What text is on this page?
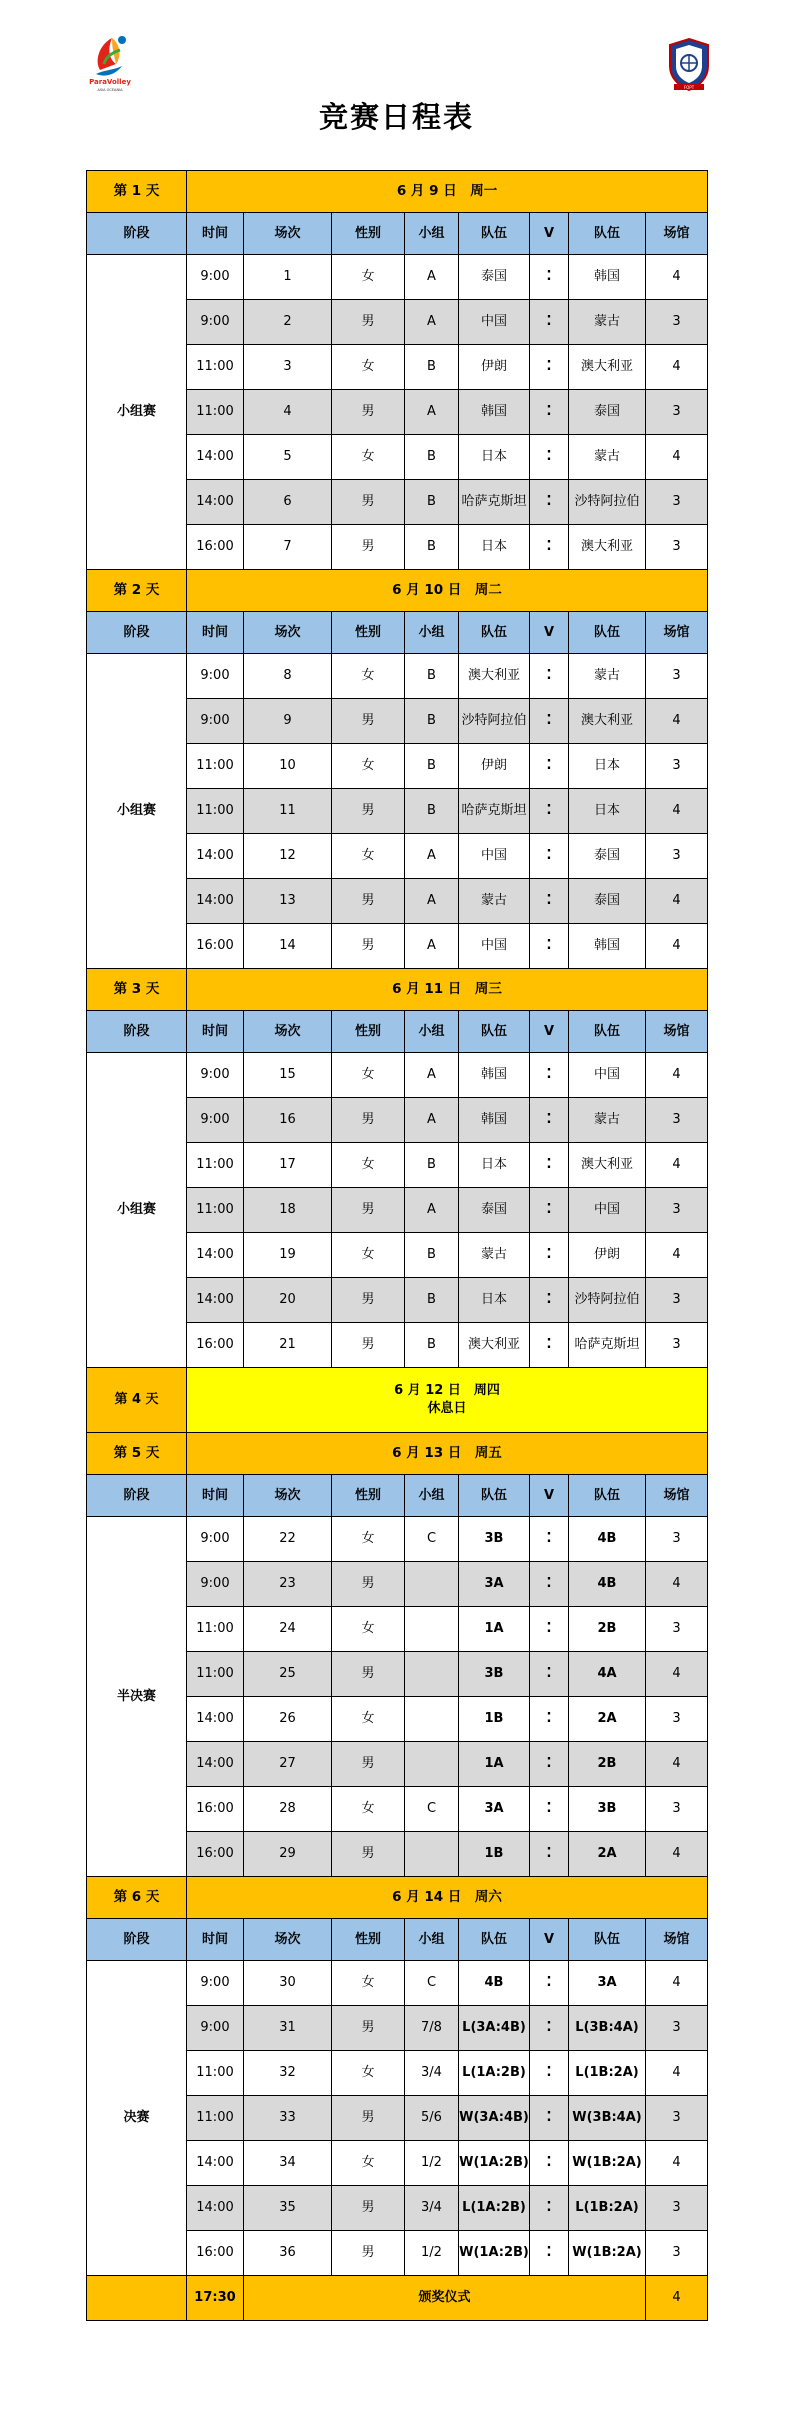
ParaVolley
ASIA OCEANIA	FOPT
竞赛日程表
第 1 天	6 月 9 日　周一							
阶段	时间	场次	性别	小组	队伍	V	队伍	场馆
小组赛	9:00	1	女	A	泰国	⁚	韩国	4
	9:00	2	男	A	中国	⁚	蒙古	3
	11:00	3	女	B	伊朗	⁚	澳大利亚	4
	11:00	4	男	A	韩国	⁚	泰国	3
	14:00	5	女	B	日本	⁚	蒙古	4
	14:00	6	男	B	哈萨克斯坦	⁚	沙特阿拉伯	3
	16:00	7	男	B	日本	⁚	澳大利亚	3
第 2 天	6 月 10 日　周二							
阶段	时间	场次	性别	小组	队伍	V	队伍	场馆
小组赛	9:00	8	女	B	澳大利亚	⁚	蒙古	3
	9:00	9	男	B	沙特阿拉伯	⁚	澳大利亚	4
	11:00	10	女	B	伊朗	⁚	日本	3
	11:00	11	男	B	哈萨克斯坦	⁚	日本	4
	14:00	12	女	A	中国	⁚	泰国	3
	14:00	13	男	A	蒙古	⁚	泰国	4
	16:00	14	男	A	中国	⁚	韩国	4
第 3 天	6 月 11 日　周三							
阶段	时间	场次	性别	小组	队伍	V	队伍	场馆
小组赛	9:00	15	女	A	韩国	⁚	中国	4
	9:00	16	男	A	韩国	⁚	蒙古	3
	11:00	17	女	B	日本	⁚	澳大利亚	4
	11:00	18	男	A	泰国	⁚	中国	3
	14:00	19	女	B	蒙古	⁚	伊朗	4
	14:00	20	男	B	日本	⁚	沙特阿拉伯	3
	16:00	21	男	B	澳大利亚	⁚	哈萨克斯坦	3
第 4 天	6 月 12 日　周四
休息日							

第 5 天	6 月 13 日　周五							
阶段	时间	场次	性别	小组	队伍	V	队伍	场馆
半决赛	9:00	22	女	C	3B	⁚	4B	3
	9:00	23	男		3A	⁚	4B	4
	11:00	24	女		1A	⁚	2B	3
	11:00	25	男		3B	⁚	4A	4
	14:00	26	女		1B	⁚	2A	3
	14:00	27	男		1A	⁚	2B	4
	16:00	28	女	C	3A	⁚	3B	3
	16:00	29	男		1B	⁚	2A	4
第 6 天	6 月 14 日　周六							
阶段	时间	场次	性别	小组	队伍	V	队伍	场馆
决赛	9:00	30	女	C	4B	⁚	3A	4
	9:00	31	男	7/8	L(3A:4B)	⁚	L(3B:4A)	3
	11:00	32	女	3/4	L(1A:2B)	⁚	L(1B:2A)	4
	11:00	33	男	5/6	W(3A:4B)	⁚	W(3B:4A)	3
	14:00	34	女	1/2	W(1A:2B)	⁚	W(1B:2A)	4
	14:00	35	男	3/4	L(1A:2B)	⁚	L(1B:2A)	3
	16:00	36	男	1/2	W(1A:2B)	⁚	W(1B:2A)	3
	17:30	颁奖仪式						4
